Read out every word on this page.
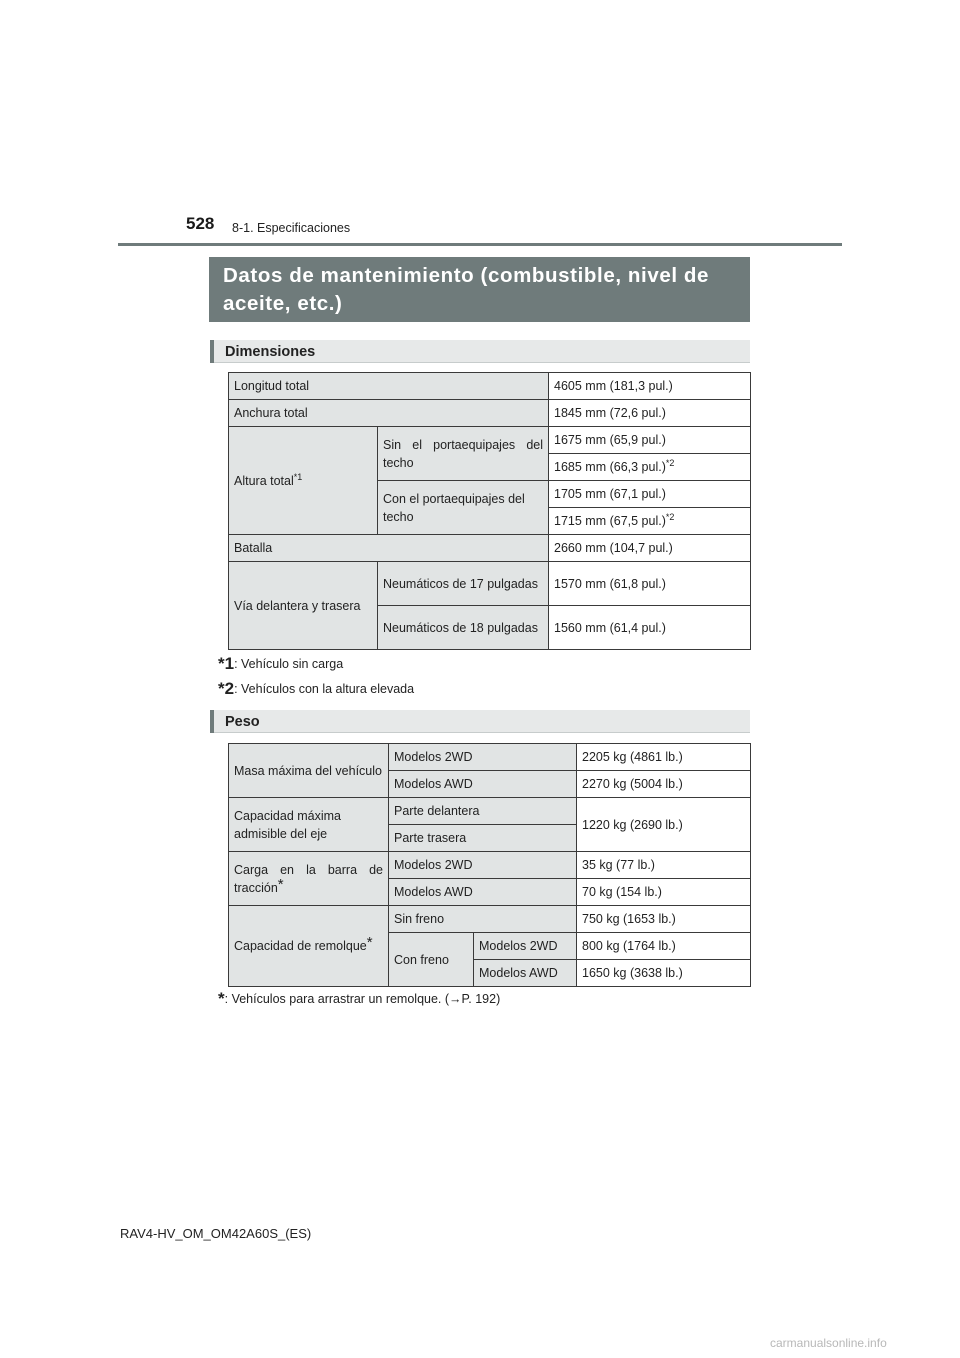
528 8-1. Especificaciones
Datos de mantenimiento (combustible, nivel de aceite, etc.)
Dimensiones
Longitud total		4605 mm (181,3 pul.)
Anchura total		1845 mm (72,6 pul.)
Altura total$^{*1}$	Sin el portaequipajes del techo	1675 mm (65,9 pul.)
		1685 mm (66,3 pul.)$^{*2}$
	Con el portaequipajes del techo	1705 mm (67,1 pul.)
		1715 mm (67,5 pul.)$^{*2}$
Batalla		2660 mm (104,7 pul.)
Vía delantera y trasera	Neumáticos de 17 pulgadas	1570 mm (61,8 pul.)
	Neumáticos de 18 pulgadas	1560 mm (61,4 pul.)
*1: Vehículo sin carga
*2: Vehículos con la altura elevada
Peso
Masa máxima del vehículo	Modelos 2WD		2205 kg (4861 lb.)
	Modelos AWD		2270 kg (5004 lb.)
Capacidad máxima admisible del eje	Parte delantera		1220 kg (2690 lb.)
	Parte trasera		
Carga en la barra de tracción*	Modelos 2WD		35 kg (77 lb.)
	Modelos AWD		70 kg (154 lb.)
Capacidad de remolque*	Sin freno		750 kg (1653 lb.)
	Con freno	Modelos 2WD	800 kg (1764 lb.)
		Modelos AWD	1650 kg (3638 lb.)
*: Vehículos para arrastrar un remolque. (→P. 192)
RAV4-HV_OM_OM42A60S_(ES)
carmanualsonline.info
